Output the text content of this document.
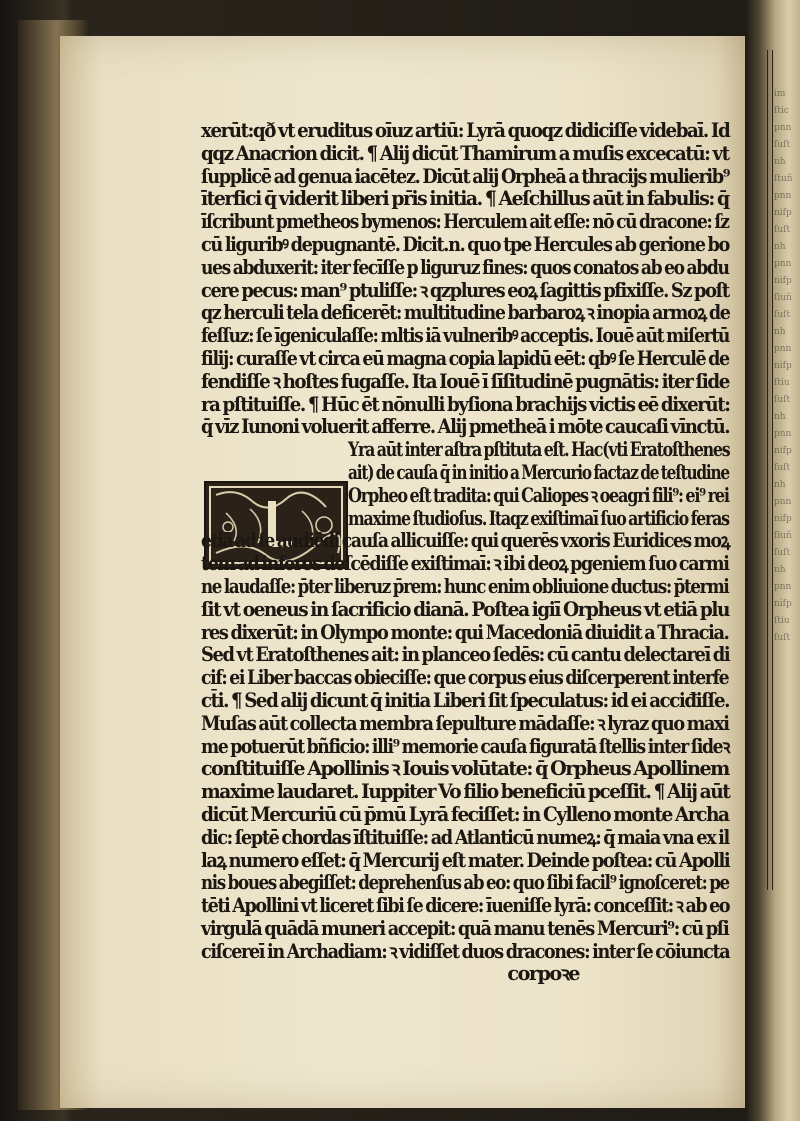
im
ſtic
pnn
ſuſt
nh
ſtuñ
pnn
nifp
ſuſt
nh
pnn
nifp
ſiuñ
ſuſt
nh
pnn
nifp
ſtiu
ſuſt
nh
pnn
nifp
ſuſt
nh
pnn
nifp
ſiuñ
ſuſt
nh
pnn
nifp
ſtiu
ſuſt
xerūt:qð vt eruditus oīuz artiū: Lyrā quoqz didiciſſe videbaī. Id
qqz Anacrion dicit. ¶ Alij dicūt Thamirum a muſis excecatū: vt
ſupplicē ad genua iacētez. Dicūt alij Orpheā a thracijs mulierib⁹
īterfici q̄ viderit liberi pr̄is initia. ¶ Aeſchillus aūt in fabulis: q̄
īſcribunt pmetheos bymenos: Herculem ait eſſe: nō cū dracone: ſz
cū liguribꝰ depugnantē. Dicit.n. quo tpe Hercules ab gerione bo
ues abduxerit: iter fecīſſe p liguruz fines: quos conatos ab eo abdu
cere pecus: man⁹ ptuliſſe: ꝛ qzplures eoꝝ ſagittis pfixiſſe. Sz poſt
qz herculi tela deficerēt: multitudine barbaroꝝ ꝛ inopia armoꝝ de
feſſuz: ſe īgeniculaſſe: mltis iā vulneribꝰ acceptis. Iouē aūt miſertū
filij: curaſſe vt circa eū magna copia lapidū eēt: qbꝰ ſe Herculē de
fendiſſe ꝛ hoſtes fugaſſe. Ita Iouē ī ſīſitudinē pugnātis: iter ſide
ra pſtituiſſe. ¶ Hūc ēt nōnulli byſiona brachijs victis eē dixerūt:
q̄ vīz Iunoni voluerit afferre. Alij pmetheā i mōte caucaſi vīnctū.
Yra aūt inter aſtra pſtituta eſt. Hac(vti Eratoſthenes
ait) de cauſa q̄ in initio a Mercurio factaz de teſtudine
Orpheo eſt tradita: qui Caliopes ꝛ oeagri fili⁹: ei⁹ rei
maxime ſtudioſus. Itaqz exiſtimaī ſuo artificio feras
etiā ad ſe audiēdi cauſa allicuiſſe: qui querēs vxoris Euridices moꝝ
tem ad inferos deſcēdiſſe exiſtimaī: ꝛ ibi deoꝝ pgeniem ſuo carmi
ne laudaſſe: p̄ter liberuz p̄rem: hunc enim obliuione ductus: p̄termi
ſit vt oeneus in ſacrificio dianā. Poſtea igiī Orpheus vt etiā plu
res dixerūt: in Olympo monte: qui Macedoniā diuidit a Thracia.
Sed vt Eratoſthenes ait: in planceo ſedēs: cū cantu delectareī di
cif: ei Liber baccas obieciſſe: que corpus eius diſcerperent interfe
ct̄i. ¶ Sed alij dicunt q̄ initia Liberi ſit ſpeculatus: id ei acciđiſſe.
Muſas aūt collecta membra ſepulture mādaſſe: ꝛ lyraz quo maxi
me potuerūt bñficio: illi⁹ memorie cauſa figuratā ſtellis inter ſideꝛ
conſtituiſſe Apollinis ꝛ Iouis volūtate: q̄ Orpheus Apollinem
maxime laudaret. Iuppiter Vo filio beneficiū pceſſit. ¶ Alij aūt
dicūt Mercuriū cū p̄mū Lyrā feciſſet: in Cylleno monte Archa
dic: ſeptē chordas īſtituiſſe: ad Atlanticū numeꝝ: q̄ maia vna ex il
laꝝ numero eſſet: q̄ Mercurij eſt mater. Deinde poſtea: cū Apolli
nis boues abegiſſet: deprehenſus ab eo: quo ſibi facil⁹ ignoſceret: pe
tēti Apollini vt liceret ſibi ſe dicere: īueniſſe lyrā: conceſſit: ꝛ ab eo
virgulā quādā muneri accepit: quā manu tenēs Mercuri⁹: cū pſi
ciſcereī in Archadiam: ꝛ vidiſſet duos dracones: inter ſe cōiuncta
corpoꝛe
